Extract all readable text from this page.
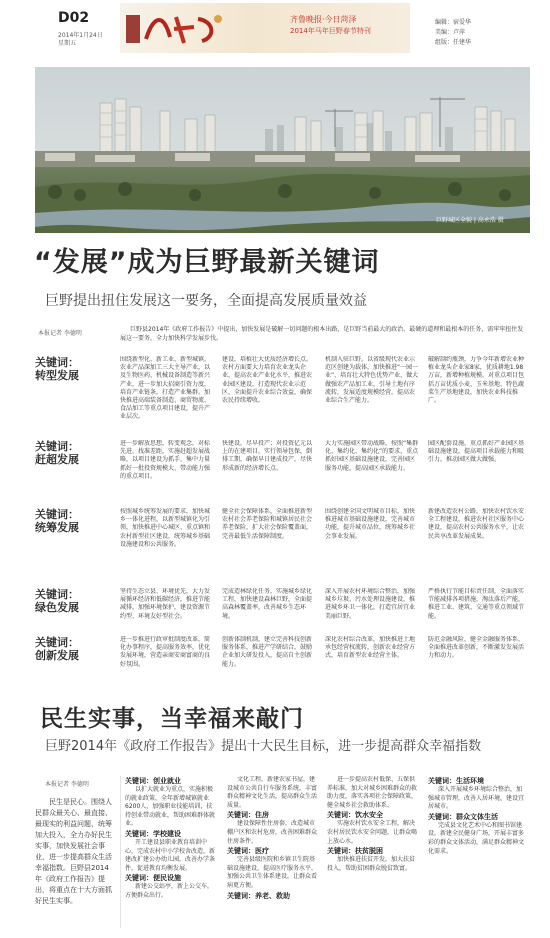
D02
2014年1月24日
星期五
齐鲁晚报·今日菏泽
2014年马年巨野春节特刊
编辑：宿爱华
美编：卢萍
组版：任建华
巨野城区全貌 | 高永浩 摄
“发展”成为巨野最新关键词
巨野提出扭住发展这一要务，全面提高发展质量效益
本报记者 李德明
巨野县2014年《政府工作报告》中提出，加快发展是破解一切问题的根本出路，是巨野当前最大的政治、最硬的道理和最根本的任务，需牢牢扭住发展这一要务，全力加快科学发展步伐。
关键词：
转型发展
围绕新型化、新工业、新型城镇、农业产品深加工三大主导产业，以及生物医药、机械设备制造等新兴产业，进一步加大招商引资力度，培育产业链条，打造产业集群。加快推进高端装备制造、商贸物流、食品加工等重点项目建设，提升产业层次。
建设，培植壮大优质经济增长点。农村方面要大力培育农业龙头企业，提高农业产业化水平，推进农业园区建设，打造现代农业示范区，全面提升农业综合效益，确保农民持续增收。
机制入驻巨野。以省级现代农业示范区创建为载体，加快推进“一园一业”，培育壮大特色优势产业，做大做强农产品加工业，引导土地有序流转，发展适度规模经营，提高农业综合生产能力。
破解制约瓶颈，力争今年新增农业种植业龙头企业家8家，优质耕地1.98万亩，新增种植规模。对重点项目包括万亩优质小麦、玉米基地、特色蔬菜生产基地建设，加快农业科技推广。
关键词：
赶超发展
进一步解放思想，转变观念，对标先进，找准差距，实施赶超发展战略，以项目建设为抓手，集中力量抓好一批投资规模大、带动能力强的重点项目。
快建设，尽早投产；对投资亿元以上的在建项目，实行领导包保，倒排工期，确保早日建成投产，尽快形成新的经济增长点。
大力实施园区带动战略，按照“集群化、集约化、集约化”的要求，重点抓好园区基础设施建设，完善园区服务功能，提高园区承载能力。
园区配套设施，重点抓好产业园区基础设施建设，提高项目承载能力和吸引力，推动园区做大做强。
关键词：
统筹发展
按照城乡统筹发展的要求，加快城乡一体化进程，以新型城镇化为引领，加快推进中心城区、重点镇和农村新型社区建设，统筹城乡基础设施建设和公共服务。
健全社会保障体系，全面推进新型农村社会养老保险和城镇居民社会养老保险，扩大社会保险覆盖面，完善最低生活保障制度。
围绕创建全国文明城市目标，加快推进城市基础设施建设，完善城市功能，提升城市品位，统筹城乡社会事业发展。
新建改造农村公路，加快农村饮水安全工程建设，推进农村社区服务中心建设，提高农村公共服务水平，让农民共享改革发展成果。
关键词：
绿色发展
坚持生态立县、环境优先，大力发展循环经济和低碳经济，推进节能减排，加强环境保护，建设资源节约型、环境友好型社会。
完成造林绿化任务，实施城乡绿化工程，加快建设森林巨野，全面提高森林覆盖率，改善城乡生态环境。
深入开展农村环境综合整治，加强城乡垃圾、污水处理设施建设，推进城乡环卫一体化，打造宜居宜业美丽巨野。
严格执行节能目标责任制，全面落实节能减排各项措施，淘汰落后产能，推进工业、建筑、交通等重点领域节能。
关键词：
创新发展
进一步推进行政审批制度改革，简化办事程序，提高服务效率，优化发展环境，营造亲商安商富商的良好氛围。
创新体制机制，建立完善科技创新服务体系，推进产学研结合，鼓励企业加大研发投入，提高自主创新能力。
深化农村综合改革，加快推进土地承包经营权流转，创新农业经营方式，培育新型农业经营主体。
防范金融风险，健全金融服务体系，全面推进改革创新，不断激发发展活力和动力。
民生实事，当幸福来敲门
巨野2014年《政府工作报告》提出十大民生目标，进一步提高群众幸福指数
本报记者 李德明
民生是民心。围绕人民群众最关心、最直接、最现实的利益问题，统筹加大投入，全力办好民生实事，加快发展社会事业，进一步提高群众生活幸福指数。巨野县2014年《政府工作报告》提出，将重点在十大方面抓好民生实事。
关键词：创业就业
以扩大就业为重点，实施积极的就业政策，全年新增城镇就业6200人，加强职业技能培训，扶持创业带动就业，帮助困难群体就业。
关键词：学校建设
开工建设县职业教育培训中心，完成农村中小学校舍改造，新建改扩建公办幼儿园，改善办学条件，促进教育均衡发展。
关键词：便民设施
新建公交站亭，新上公交车，方便群众出行。
文化工程，新建农家书屋，建设城市公共自行车服务系统，丰富群众精神文化生活，提高群众生活质量。
关键词：住房
建设保障性住房套，改造城市棚户区和农村危房，改善困难群众住房条件。
关键词：医疗
完善县级医院和乡镇卫生院基础设施建设，提高医疗服务水平，加强公共卫生体系建设，让群众看病更方便。
关键词：养老、救助
进一步提高农村低保、五保供养标准，加大对城乡困难群众的救助力度，落实各项社会保障政策，健全城乡社会救助体系。
关键词：饮水安全
实施农村饮水安全工程，解决农村居民饮水安全问题，让群众喝上放心水。
关键词：扶贫脱困
加快推进扶贫开发，加大扶贫投入，帮助贫困群众脱贫致富。
关键词：生活环境
深入开展城乡环境综合整治，加强城市管理，改善人居环境，建设宜居城市。
关键词：群众文体生活
完成县文化艺术中心和图书馆建设，新建全民健身广场，开展丰富多彩的群众文体活动，满足群众精神文化需求。
